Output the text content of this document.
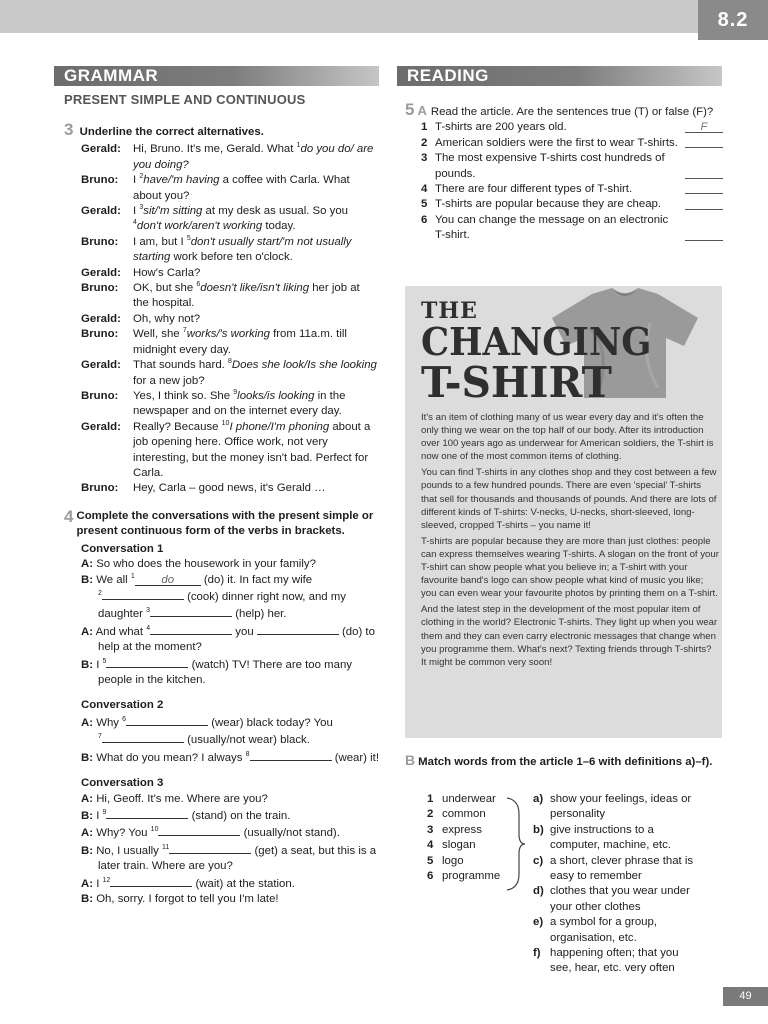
8.2
GRAMMAR
PRESENT SIMPLE AND CONTINUOUS
3 Underline the correct alternatives.
Gerald:	Hi, Bruno. It's me, Gerald. What $^1$do you do/ are you doing?
Bruno:	I $^2$have/'m having a coffee with Carla. What about you?
Gerald:	I $^3$sit/'m sitting at my desk as usual. So you $^4$don't work/aren't working today.
Bruno:	I am, but I $^5$don't usually start/'m not usually starting work before ten o'clock.
Gerald:	How's Carla?
Bruno:	OK, but she $^6$doesn't like/isn't liking her job at the hospital.
Gerald:	Oh, why not?
Bruno:	Well, she $^7$works/'s working from 11a.m. till midnight every day.
Gerald:	That sounds hard. $^8$Does she look/Is she looking for a new job?
Bruno:	Yes, I think so. She $^9$looks/is looking in the newspaper and on the internet every day.
Gerald:	Really? Because $^{10}$I phone/I'm phoning about a job opening here. Office work, not very interesting, but the money isn't bad. Perfect for Carla.
Bruno:	Hey, Carla – good news, it's Gerald …
4 Complete the conversations with the present simple or present continuous form of the verbs in brackets.
Conversation 1
A: So who does the housework in your family?
B: We all $^1$ do (do) it. In fact my wife
$^2$	(cook) dinner right now, and my
daughter $^3$	(help) her.
A: And what $^4$	you	(do) to
help at the moment?
B: I $^5$	(watch) TV! There are too many
people in the kitchen.
Conversation 2
A: Why $^6$	(wear) black today? You
$^7$	(usually/not wear) black.
B: What do you mean? I always $^8$	(wear) it!
Conversation 3
A: Hi, Geoff. It's me. Where are you?
B: I $^9$	(stand) on the train.
A: Why? You $^{10}$	(usually/not stand).
B: No, I usually $^{11}$	(get) a seat, but this is a
later train. Where are you?
A: I $^{12}$	(wait) at the station.
B: Oh, sorry. I forgot to tell you I'm late!
READING
5 A Read the article. Are the sentences true (T) or false (F)?
1 T-shirts are 200 years old.	F
2 American soldiers were the first to wear T-shirts.
3 The most expensive T-shirts cost hundreds of pounds.
4 There are four different types of T-shirt.
5 T-shirts are popular because they are cheap.
6 You can change the message on an electronic T-shirt.
THE
CHANGING
T-SHIRT

It's an item of clothing many of us wear every day and it's often the only thing we wear on the top half of our body. After its introduction over 100 years ago as underwear for American soldiers, the T-shirt is now one of the most common items of clothing.

You can find T-shirts in any clothes shop and they cost between a few pounds to a few hundred pounds. There are even 'special' T-shirts that sell for thousands and thousands of pounds. And there are lots of different kinds of T-shirts: V-necks, U-necks, short-sleeved, long-sleeved, cropped T-shirts – you name it!

T-shirts are popular because they are more than just clothes: people can express themselves wearing T-shirts. A slogan on the front of your T-shirt can show people what you believe in; a T-shirt with your favourite band's logo can show people what kind of music you like; you can even wear your favourite photos by printing them on a T-shirt.

And the latest step in the development of the most popular item of clothing in the world? Electronic T-shirts. They light up when you wear them and they can even carry electronic messages that change when you programme them. What's next? Texting friends through T-shirts? It might be common very soon!

B Match words from the article 1–6 with definitions a)–f).
1 underwear
2 common
3 express
4 slogan
5 logo
6 programme
a) show your feelings, ideas or personality
b) give instructions to a computer, machine, etc.
c) a short, clever phrase that is easy to remember
d) clothes that you wear under your other clothes
e) a symbol for a group, organisation, etc.
f) happening often; that you see, hear, etc. very often
49
